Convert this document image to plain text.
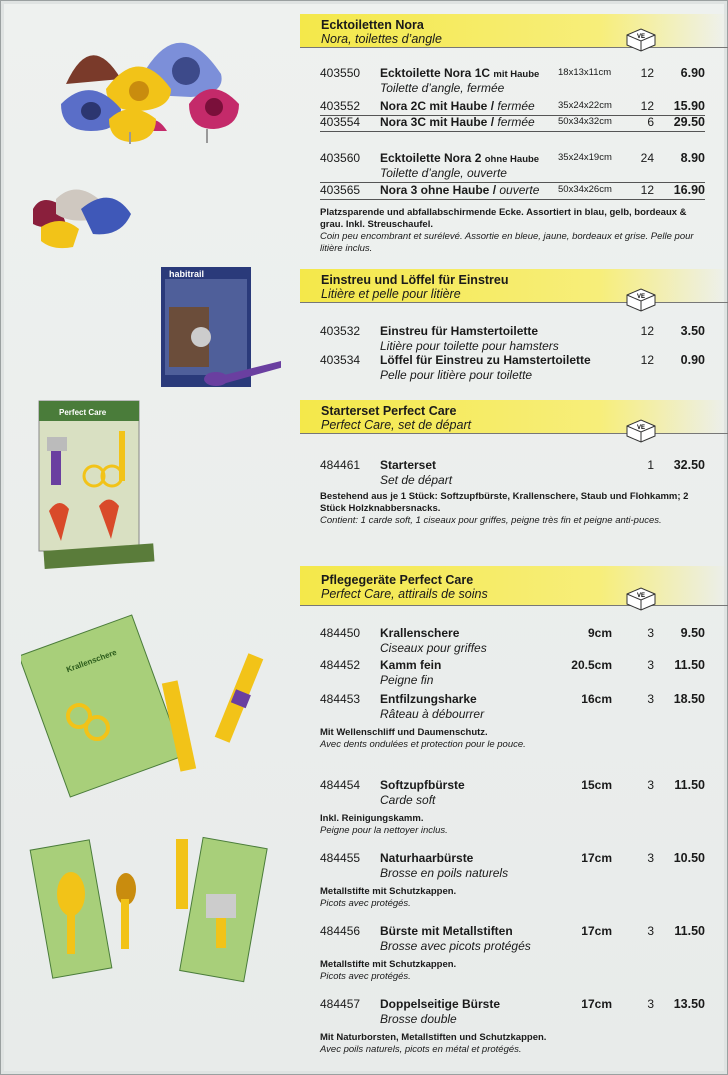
habitrail
Perfect Care
Krallenschere
Ecktoiletten Nora
Nora, toilettes d’angle	VE
403550 Ecktoilette Nora 1C mit Haube 18x13x11cm	12 6.90
Toilette d’angle, fermée
403552 Nora 2C mit Haube / fermée 35x24x22cm	12 15.90
403554 Nora 3C mit Haube / fermée 50x34x32cm	6 29.50
403560 Ecktoilette Nora 2 ohne Haube 35x24x19cm	24 8.90
Toilette d’angle, ouverte
403565 Nora 3 ohne Haube / ouverte 50x34x26cm	12 16.90
Platzsparende und abfallabschirmende Ecke. Assortiert in blau, gelb, bordeaux & grau. Inkl. Streuschaufel.
Coin peu encombrant et surélevé. Assortie en bleue, jaune, bordeaux et grise. Pelle pour litière inclus.
Einstreu und Löffel für Einstreu
Litière et pelle pour litière	VE
403532 Einstreu für Hamstertoilette	12 3.50
Litière pour toilette pour hamsters
403534 Löffel für Einstreu zu Hamstertoilette	12 0.90
Pelle pour litière pour toilette
Starterset Perfect Care
Perfect Care, set de départ	VE
484461 Starterset	1 32.50
Set de départ
Bestehend aus je 1 Stück: Softzupfbürste, Krallenschere, Staub und Flohkamm; 2 Stück Holzknabbersnacks.
Contient: 1 carde soft, 1 ciseaux pour griffes, peigne très fin et peigne anti-puces.
Pflegegeräte Perfect Care
Perfect Care, attirails de soins	VE
484450 Krallenschere	9cm	3 9.50
Ciseaux pour griffes
484452 Kamm fein	20.5cm	3 11.50
Peigne fin
484453 Entfilzungsharke	16cm	3 18.50
Râteau à débourrer
Mit Wellenschliff und Daumenschutz.
Avec dents ondulées et protection pour le pouce.
484454 Softzupfbürste	15cm	3 11.50
Carde soft
Inkl. Reinigungskamm.
Peigne pour la nettoyer inclus.
484455 Naturhaarbürste	17cm	3 10.50
Brosse en poils naturels
Metallstifte mit Schutzkappen.
Picots avec protégés.
484456 Bürste mit Metallstiften	17cm	3 11.50
Brosse avec picots protégés
Metallstifte mit Schutzkappen.
Picots avec protégés.
484457 Doppelseitige Bürste	17cm	3 13.50
Brosse double
Mit Naturborsten, Metallstiften und Schutzkappen.
Avec poils naturels, picots en métal et protégés.
